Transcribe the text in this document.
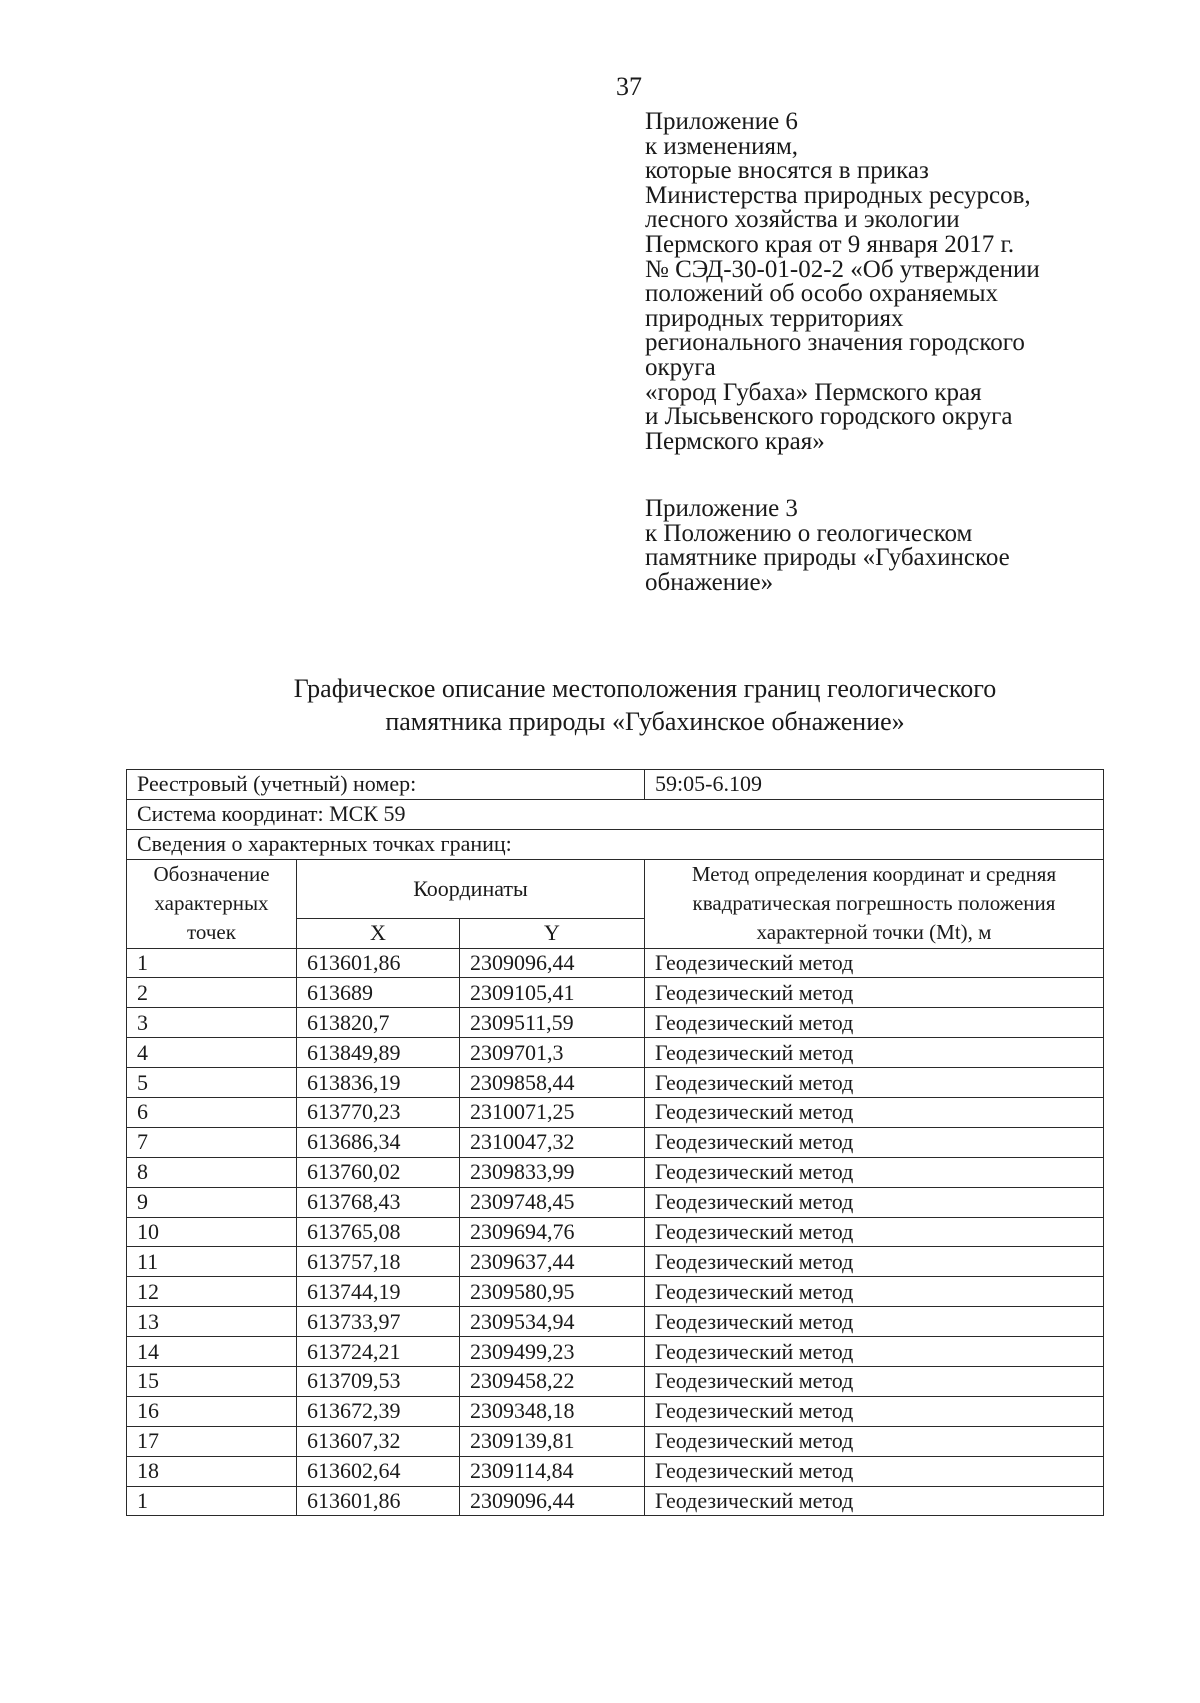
37
Приложение 6
к изменениям,
которые вносятся в приказ
Министерства природных ресурсов,
лесного хозяйства и экологии
Пермского края от 9 января 2017 г.
№ СЭД-30-01-02-2 «Об утверждении
положений об особо охраняемых
природных территориях
регионального значения городского
округа
«город Губаха» Пермского края
и Лысьвенского городского округа
Пермского края»
Приложение 3
к Положению о геологическом
памятнике природы «Губахинское
обнажение»
Графическое описание местоположения границ геологического
памятника природы «Губахинское обнажение»
Реестровый (учетный) номер:			59:05-6.109
Система координат: МСК 59			
Сведения о характерных точках границ:			

Обозначение
характерных
точек	Координаты		Метод определения координат и средняя
квадратическая погрешность положения
характерной точки (Mt), м

	X	Y	
1	613601,86	2309096,44	Геодезический метод
2	613689	2309105,41	Геодезический метод
3	613820,7	2309511,59	Геодезический метод
4	613849,89	2309701,3	Геодезический метод
5	613836,19	2309858,44	Геодезический метод
6	613770,23	2310071,25	Геодезический метод
7	613686,34	2310047,32	Геодезический метод
8	613760,02	2309833,99	Геодезический метод
9	613768,43	2309748,45	Геодезический метод
10	613765,08	2309694,76	Геодезический метод
11	613757,18	2309637,44	Геодезический метод
12	613744,19	2309580,95	Геодезический метод
13	613733,97	2309534,94	Геодезический метод
14	613724,21	2309499,23	Геодезический метод
15	613709,53	2309458,22	Геодезический метод
16	613672,39	2309348,18	Геодезический метод
17	613607,32	2309139,81	Геодезический метод
18	613602,64	2309114,84	Геодезический метод
1	613601,86	2309096,44	Геодезический метод
